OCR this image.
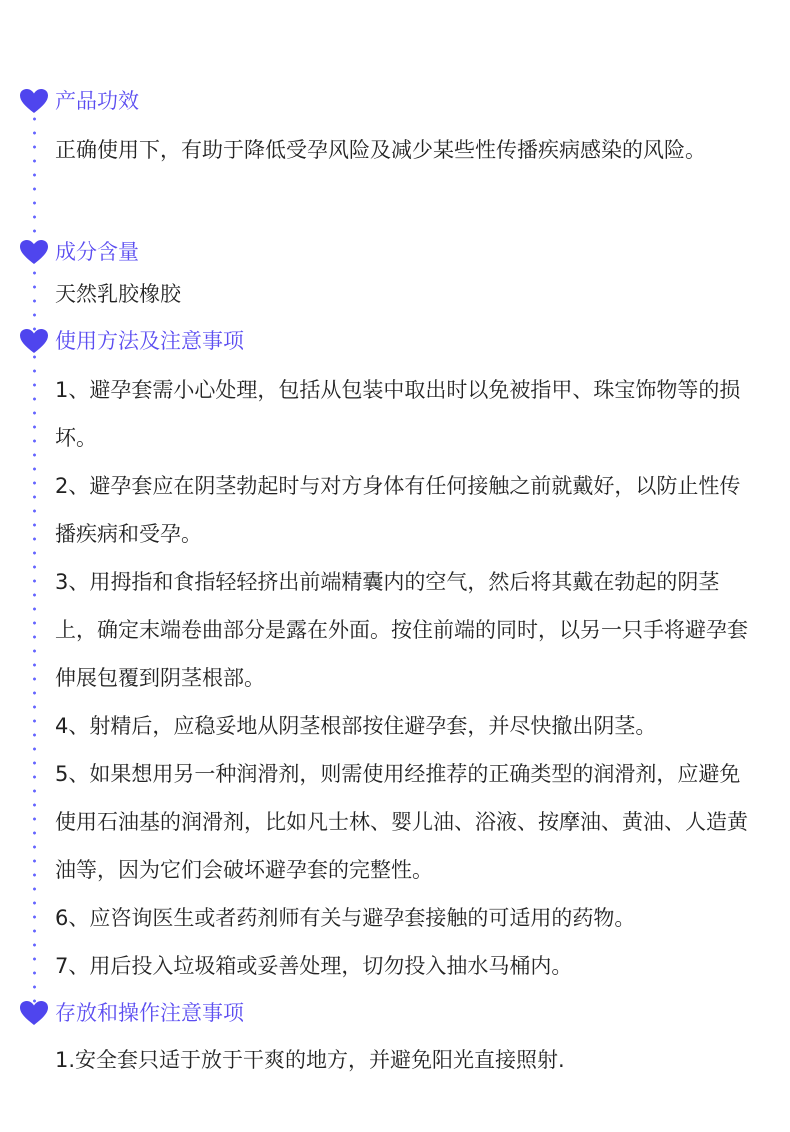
产品功效

正确使用下，有助于降低受孕风险及减少某些性传播疾病感染的风险。

成分含量

天然乳胶橡胶

使用方法及注意事项

1、避孕套需小心处理，包括从包装中取出时以免被指甲、珠宝饰物等的损坏。

2、避孕套应在阴茎勃起时与对方身体有任何接触之前就戴好，以防止性传播疾病和受孕。

3、用拇指和食指轻轻挤出前端精囊内的空气，然后将其戴在勃起的阴茎上，确定末端卷曲部分是露在外面。按住前端的同时，以另一只手将避孕套伸展包覆到阴茎根部。

4、射精后，应稳妥地从阴茎根部按住避孕套，并尽快撤出阴茎。

5、如果想用另一种润滑剂，则需使用经推荐的正确类型的润滑剂，应避免使用石油基的润滑剂，比如凡士林、婴儿油、浴液、按摩油、黄油、人造黄油等，因为它们会破坏避孕套的完整性。

6、应咨询医生或者药剂师有关与避孕套接触的可适用的药物。

7、用后投入垃圾箱或妥善处理，切勿投入抽水马桶内。

存放和操作注意事项

1.安全套只适于放于干爽的地方，并避免阳光直接照射.
